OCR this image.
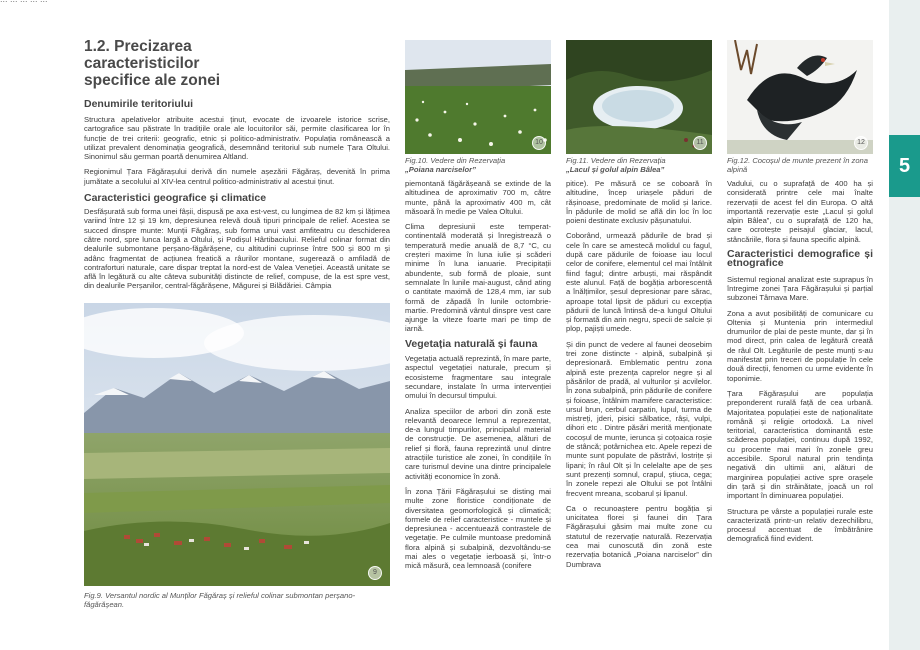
5
1.2. Precizarea caracteristicilor specifice ale zonei
Denumirile teritoriului

Structura apelativelor atribuite acestui ținut, evocate de izvoarele istorice scrise, cartografice sau păstrate în tradițiile orale ale locuitorilor săi, permite clasificarea lor în funcție de trei criterii: geografic, etnic și politico-administrativ. Populația românească a utilizat prevalent denominația geografică, desemnând teritoriul sub numele Țara Oltului. Sinonimul său german poartă denumirea Altland.

Regionimul Țara Făgărașului derivă din numele așezării Făgăraș, devenită în prima jumătate a secolului al XIV-lea centrul politico-administrativ al acestui ținut.

Caracteristici geografice și climatice

Desfășurată sub forma unei fâșii, dispusă pe axa est-vest, cu lungimea de 82 km și lățimea variind între 12 și 19 km, depresiunea relevă două tipuri principale de relief. Acestea se succed dinspre munte: Munții Făgăraș, sub forma unui vast amfiteatru cu deschiderea către nord, spre lunca largă a Oltului, și Podișul Hârtibaciului. Relieful colinar format din dealurile submontane perșano-făgărășene, cu altitudini cuprinse între 500 și 800 m și adânc fragmentat de acțiunea freatică a râurilor montane, sugerează o amfiladă de contraforturi naturale, care dispar treptat la nord-est de Valea Veneției. Această unitate se află în legătură cu alte câteva subunități distincte de relief, compuse, de la est spre vest, din dealurile Perșanilor, central-făgărășene, Măgurei și Bilădăriei. Câmpia

9
Fig.9. Versantul nordic al Munților Făgăraș și relieful colinar submontan perșano-făgărășean.
10
Fig.10. Vedere din Rezervația
„Poiana narciselor”

piemontană făgărășeană se extinde de la altitudinea de aproximativ 700 m, către munte, până la aproximativ 400 m, cât măsoară în medie pe Valea Oltului.

Clima depresiunii este temperat-continentală moderată și înregistrează o temperatură medie anuală de 8,7 °C, cu creșteri maxime în luna iulie și scăderi minime în luna ianuarie. Precipitații abundente, sub formă de ploaie, sunt semnalate în lunile mai-august, când ating o cantitate maximă de 128,4 mm, iar sub formă de zăpadă în lunile octombrie-martie. Predomină vântul dinspre vest care ajunge la viteze foarte mari pe timp de iarnă.

Vegetația naturală și fauna

Vegetația actuală reprezintă, în mare parte, aspectul vegetației naturale, precum și ecosisteme fragmentare sau integrale secundare, instalate în urma intervenției omului în decursul timpului.

Analiza speciilor de arbori din zonă este relevantă deoarece lemnul a reprezentat, de-a lungul timpurilor, principalul material de construcție. De asemenea, alături de relief și floră, fauna reprezintă unul dintre atracțiile turistice ale zonei, în condițiile în care turismul devine una dintre principalele activități economice în zonă.

În zona Țării Făgărașului se disting mai multe zone floristice condiționate de diversitatea geomorfologică și climatică; formele de relief caracteristice - muntele și depresiunea - accentuează contrastele de vegetație. Pe culmile muntoase predomină flora alpină și subalpină, dezvoltându-se mai ales o vegetație ierboasă și, într-o mică măsură, cea lemnoasă (conifere

11
Fig.11. Vedere din Rezervația
„Lacul și golul alpin Bâlea”

pitice). Pe măsură ce se coboară în altitudine, încep uriașele păduri de rășinoase, predominate de molid și larice. În pădurile de molid se află din loc în loc poieni destinate exclusiv pășunatului.

Coborând, urmează pădurile de brad și cele în care se amestecă molidul cu fagul, după care pădurile de foioase iau locul celor de conifere, elementul cel mai întâlnit fiind fagul; dintre arbuști, mai răspândit este alunul. Față de bogăția arborescentă a înălțimilor, șesul depresionar pare sărac, aproape total lipsit de păduri cu excepția pădurii de luncă întinsă de-a lungul Oltului și formată din arin negru, specii de salcie și plop, pajiști umede.

Și din punct de vedere al faunei deosebim trei zone distincte - alpină, subalpină și depresionară. Emblematic pentru zona alpină este prezența caprelor negre și al păsărilor de pradă, al vulturilor și acvilelor. În zona subalpină, prin pădurile de conifere și foioase, întâlnim mamifere caracteristice: ursul brun, cerbul carpatin, lupul, turma de mistreți, jderi, pisici sălbatice, râși, vulpi, dihori etc . Dintre păsări merită menționate cocoșul de munte, ierunca și coțoaica roșie de stâncă; potârnichea etc. Apele repezi de munte sunt populate de păstrăvi, lostrițe și lipani; în râul Olt și în celelalte ape de șes sunt prezenți somnul, crapul, știuca, cega; în zonele repezi ale Oltului se pot întâlni frecvent mreana, scobarul și lipanul.

Ca o recunoaștere pentru bogăția și unicitatea florei și faunei din Țara Făgărașului găsim mai multe zone cu statutul de rezervație naturală. Rezervația cea mai cunoscută din zonă este rezervația botanică „Poiana narciselor” din Dumbrava

12
Fig.12. Cocoșul de munte prezent în zona alpină

Vadului, cu o suprafață de 400 ha și considerată printre cele mai înalte rezervații de acest fel din Europa. O altă importantă rezervație este „Lacul și golul alpin Bâlea”, cu o suprafață de 120 ha, care ocrotește peisajul glaciar, lacul, stâncăriile, flora și fauna specific alpină.

Caracteristici demografice și etnografice

Sistemul regional analizat este suprapus în întregime zonei Țara Făgărașului și parțial subzonei Târnava Mare.

Zona a avut posibilități de comunicare cu Oltenia și Muntenia prin intermediul drumurilor de plai de peste munte, dar și în mod direct, prin calea de legătură creată de râul Olt. Legăturile de peste munți s-au manifestat prin treceri de populație în cele două direcții, fenomen cu urme evidente în toponimie.

Țara Făgărașului are populația preponderent rurală față de cea urbană. Majoritatea populației este de naționalitate română și religie ortodoxă. La nivel teritorial, caracteristica dominantă este scăderea populației, continuu după 1992, cu procente mai mari în zonele greu accesibile. Sporul natural prin tendința negativă din ultimii ani, alături de marginirea populației active spre orașele din țară și din străinătate, joacă un rol important în diminuarea populației.

Structura pe vârste a populației rurale este caracterizată printr-un relativ dezechilibru, procesul accentuat de îmbătrânire demografică fiind evident.
